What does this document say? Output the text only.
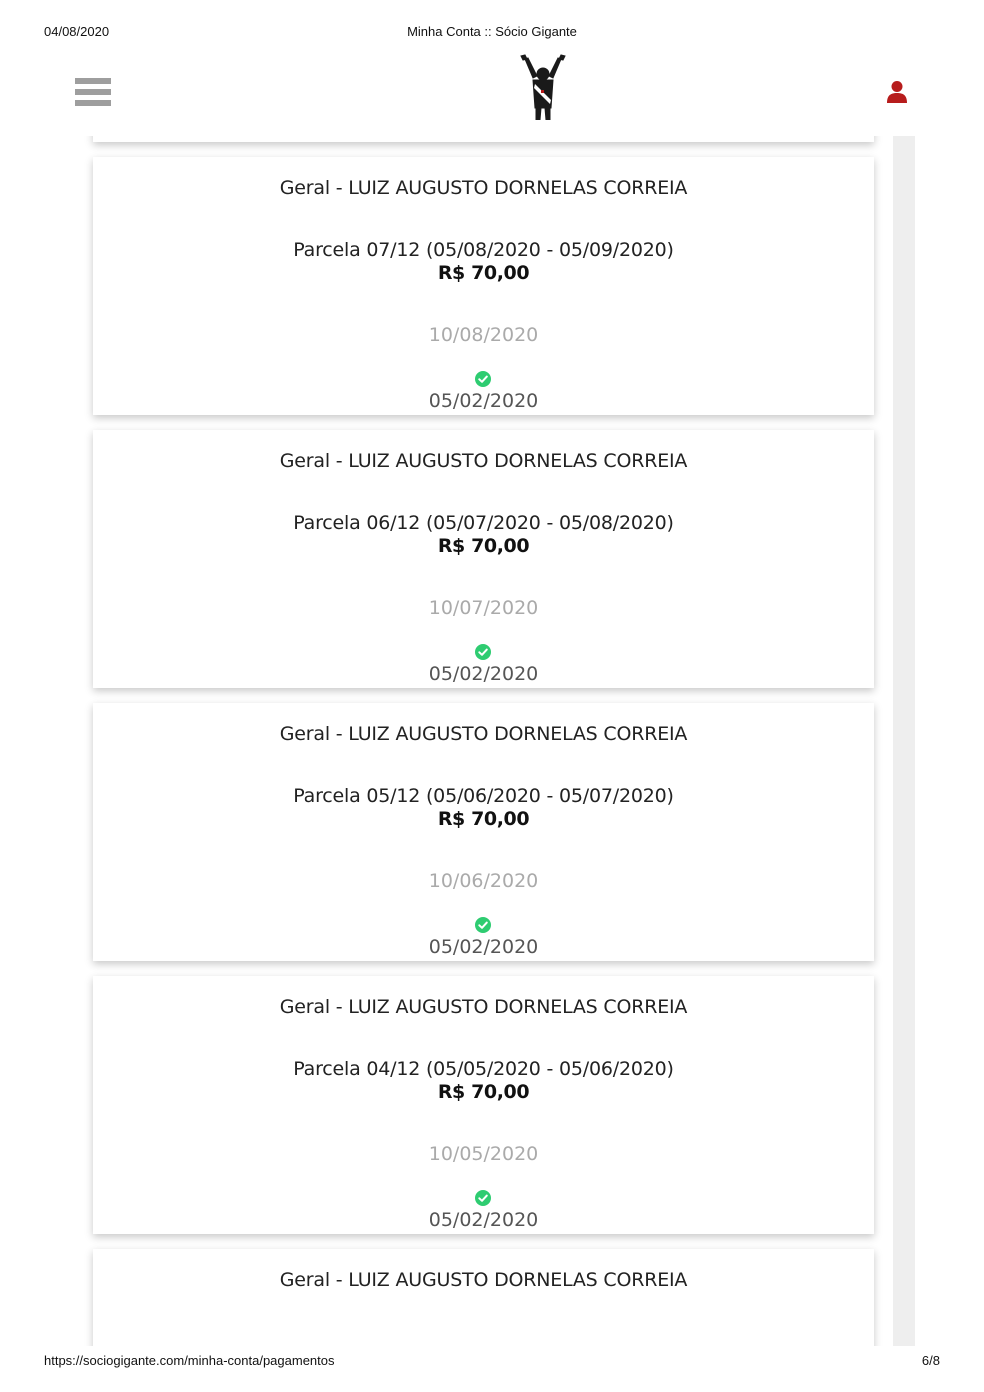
04/08/2020	Minha Conta :: Sócio Gigante
Geral - LUIZ AUGUSTO DORNELAS CORREIA
Parcela 07/12 (05/08/2020 - 05/09/2020)
R$ 70,00
10/08/2020
05/02/2020
Geral - LUIZ AUGUSTO DORNELAS CORREIA
Parcela 06/12 (05/07/2020 - 05/08/2020)
R$ 70,00
10/07/2020
05/02/2020
Geral - LUIZ AUGUSTO DORNELAS CORREIA
Parcela 05/12 (05/06/2020 - 05/07/2020)
R$ 70,00
10/06/2020
05/02/2020
Geral - LUIZ AUGUSTO DORNELAS CORREIA
Parcela 04/12 (05/05/2020 - 05/06/2020)
R$ 70,00
10/05/2020
05/02/2020
Geral - LUIZ AUGUSTO DORNELAS CORREIA
https://sociogigante.com/minha-conta/pagamentos	6/8
